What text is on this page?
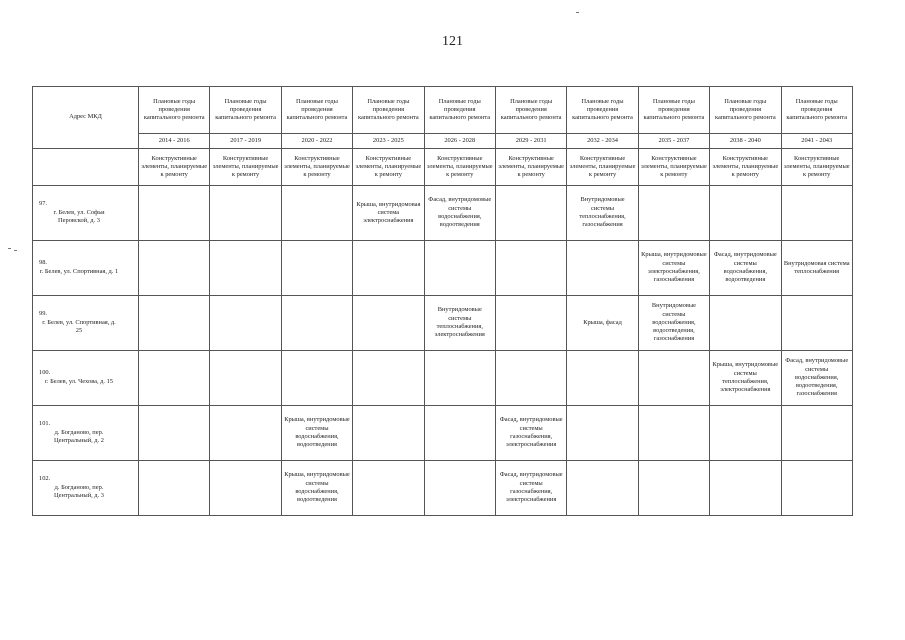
121
Адрес МКД	Плановые годы проведения капитального ремонта	Плановые годы проведения капитального ремонта	Плановые годы проведения капитального ремонта	Плановые годы проведения капитального ремонта	Плановые годы проведения капитального ремонта	Плановые годы проведения капитального ремонта	Плановые годы проведения капитального ремонта	Плановые годы проведения капитального ремонта	Плановые годы проведения капитального ремонта	Плановые годы проведения капитального ремонта
	2014 - 2016	2017 - 2019	2020 - 2022	2023 - 2025	2026 - 2028	2029 - 2031	2032 - 2034	2035 - 2037	2038 - 2040	2041 - 2043
	Конструктивные элементы, планируемые к ремонту	Конструктивные элементы, планируемые к ремонту	Конструктивные элементы, планируемые к ремонту	Конструктивные элементы, планируемые к ремонту	Конструктивные элементы, планируемые к ремонту	Конструктивные элементы, планируемые к ремонту	Конструктивные элементы, планируемые к ремонту	Конструктивные элементы, планируемые к ремонту	Конструктивные элементы, планируемые к ремонту	Конструктивные элементы, планируемые к ремонту
97.г. Белев, ул. Софьи Перовской, д. 3				Крыша, внутридомовая система электроснабжения	Фасад, внутридомовые системы водоснабжения, водоотведения		Внутридомовые системы теплоснабжения, газоснабжения			
98.г. Белев, ул. Спортивная, д. 1								Крыша, внутридомовые системы электроснабжения, газоснабжения	Фасад, внутридомовые системы водоснабжения, водоотведения	Внутридомовая система теплоснабжения
99.г. Белев, ул. Спортивная, д. 25					Внутридомовые системы теплоснабжения, электроснабжения		Крыша, фасад	Внутридомовые системы водоснабжения, водоотведения, газоснабжения		
100.г. Белев, ул. Чехова, д. 15									Крыша, внутридомовые системы теплоснабжения, электроснабжения	Фасад, внутридомовые системы водоснабжения, водоотведения, газоснабжения
101.д. Богданово, пер. Центральный, д. 2			Крыша, внутридомовые системы водоснабжения, водоотведения			Фасад, внутридомовые системы газоснабжения, электроснабжения				
102.д. Богданово, пер. Центральный, д. 3			Крыша, внутридомовые системы водоснабжения, водоотведения			Фасад, внутридомовые системы газоснабжения, электроснабжения				
